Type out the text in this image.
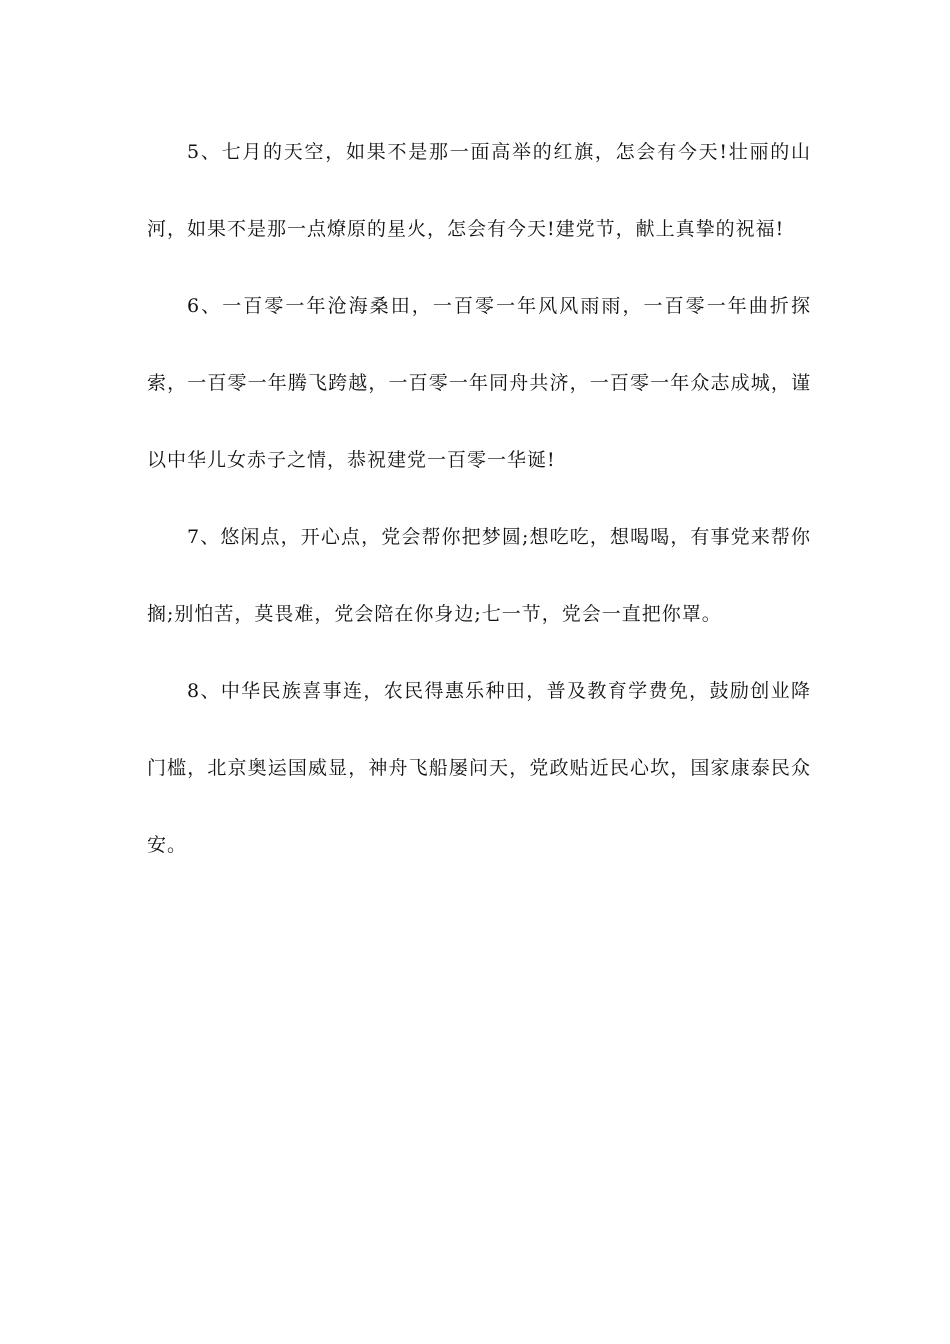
5、七月的天空，如果不是那一面高举的红旗，怎会有今天!壮丽的山河，如果不是那一点燎原的星火，怎会有今天!建党节，献上真挚的祝福!

6、一百零一年沧海桑田，一百零一年风风雨雨，一百零一年曲折探索，一百零一年腾飞跨越，一百零一年同舟共济，一百零一年众志成城，谨以中华儿女赤子之情，恭祝建党一百零一华诞!

7、悠闲点，开心点，党会帮你把梦圆;想吃吃，想喝喝，有事党来帮你搁;别怕苦，莫畏难，党会陪在你身边;七一节，党会一直把你罩。

8、中华民族喜事连，农民得惠乐种田，普及教育学费免，鼓励创业降门槛，北京奥运国威显，神舟飞船屡问天，党政贴近民心坎，国家康泰民众安。
